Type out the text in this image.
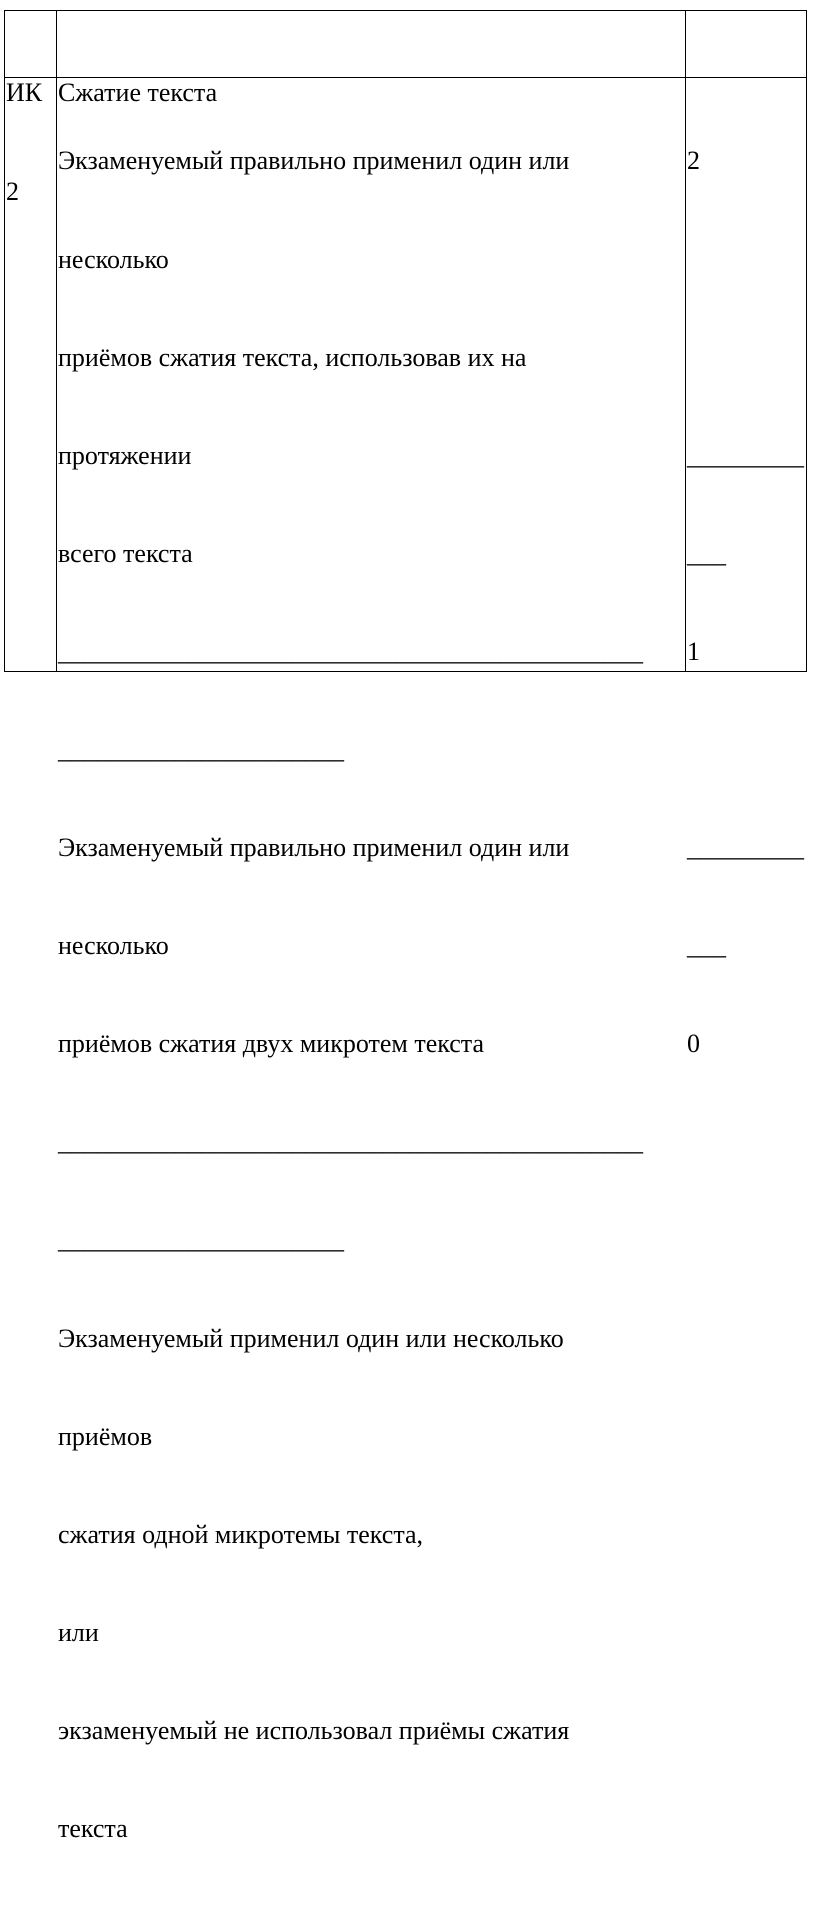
ИК

2

Сжатие текста

Экзаменуемый правильно применил один или

несколько

приёмов сжатия текста, использовав их на

протяжении

всего текста

_____________________________________________

______________________

Экзаменуемый правильно применил один или

несколько

приёмов сжатия двух микротем текста

_____________________________________________

______________________

Экзаменуемый применил один или несколько

приёмов

сжатия одной микротемы текста,

или

экзаменуемый не использовал приёмы сжатия

текста

2

_________

___

1

_________

___

0
